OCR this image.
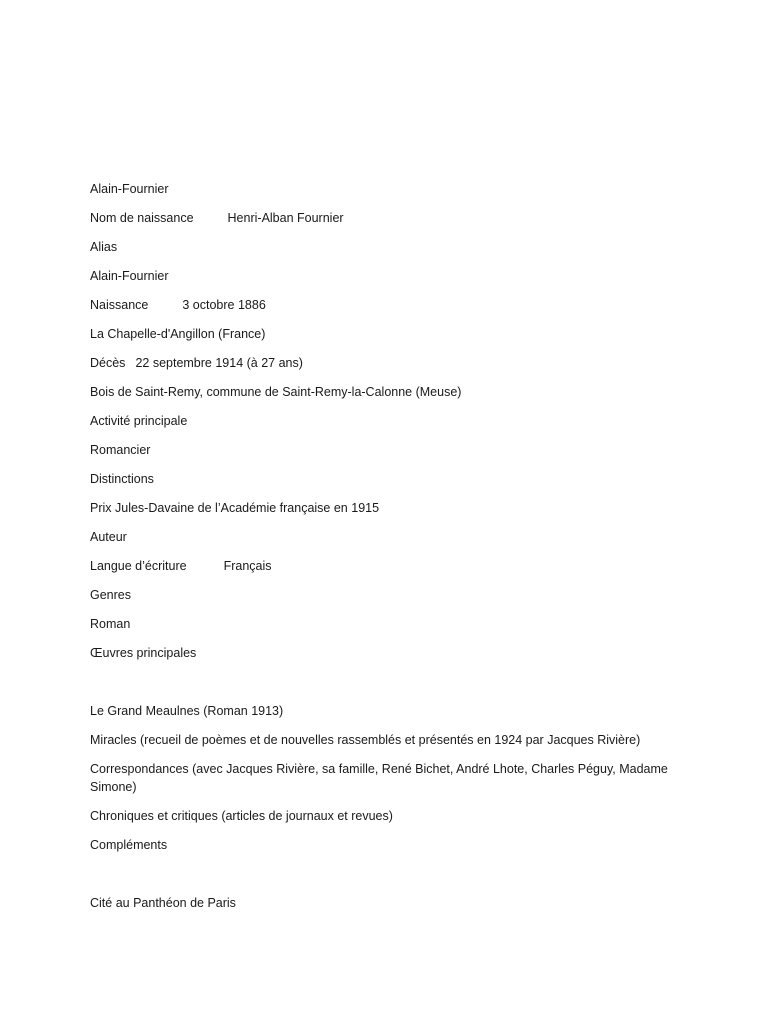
Alain-Fournier
Nom de naissance	Henri-Alban Fournier
Alias
Alain-Fournier
Naissance	3 octobre 1886
La Chapelle-d'Angillon (France)
Décès 22 septembre 1914 (à 27 ans)
Bois de Saint-Remy, commune de Saint-Remy-la-Calonne (Meuse)
Activité principale
Romancier
Distinctions
Prix Jules-Davaine de l’Académie française en 1915
Auteur
Langue d’écriture	Français
Genres
Roman
Œuvres principales
Le Grand Meaulnes (Roman 1913)
Miracles (recueil de poèmes et de nouvelles rassemblés et présentés en 1924 par Jacques Rivière)
Correspondances (avec Jacques Rivière, sa famille, René Bichet, André Lhote, Charles Péguy, Madame Simone)
Chroniques et critiques (articles de journaux et revues)
Compléments
Cité au Panthéon de Paris
